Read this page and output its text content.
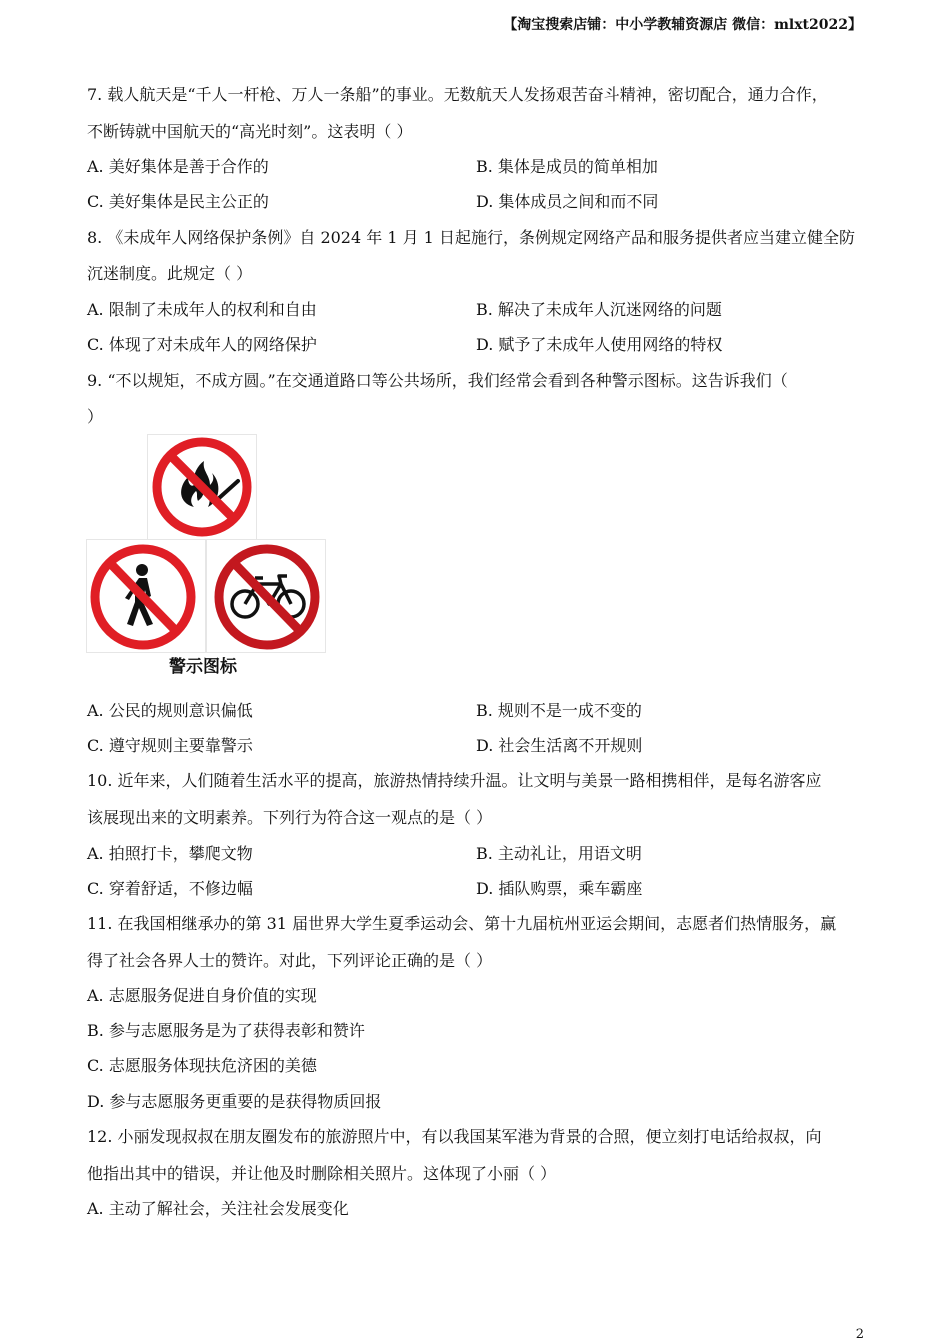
【淘宝搜索店铺：中小学教辅资源店 微信：mlxt2022】
7. 载人航天是“千人一杆枪、万人一条船”的事业。无数航天人发扬艰苦奋斗精神，密切配合，通力合作，
不断铸就中国航天的“高光时刻”。这表明（ ）
A. 美好集体是善于合作的	B. 集体是成员的简单相加
C. 美好集体是民主公正的	D. 集体成员之间和而不同
8. 《未成年人网络保护条例》自 2024 年 1 月 1 日起施行，条例规定网络产品和服务提供者应当建立健全防
沉迷制度。此规定（ ）
A. 限制了未成年人的权利和自由	B. 解决了未成年人沉迷网络的问题
C. 体现了对未成年人的网络保护	D. 赋予了未成年人使用网络的特权
9. “不以规矩，不成方圆。”在交通道路口等公共场所，我们经常会看到各种警示图标。这告诉我们（
）
警示图标
A. 公民的规则意识偏低	B. 规则不是一成不变的
C. 遵守规则主要靠警示	D. 社会生活离不开规则
10. 近年来，人们随着生活水平的提高，旅游热情持续升温。让文明与美景一路相携相伴，是每名游客应
该展现出来的文明素养。下列行为符合这一观点的是（ ）
A. 拍照打卡，攀爬文物	B. 主动礼让，用语文明
C. 穿着舒适，不修边幅	D. 插队购票，乘车霸座
11. 在我国相继承办的第 31 届世界大学生夏季运动会、第十九届杭州亚运会期间，志愿者们热情服务，赢
得了社会各界人士的赞许。对此，下列评论正确的是（ ）
A. 志愿服务促进自身价值的实现
B. 参与志愿服务是为了获得表彰和赞许
C. 志愿服务体现扶危济困的美德
D. 参与志愿服务更重要的是获得物质回报
12. 小丽发现叔叔在朋友圈发布的旅游照片中，有以我国某军港为背景的合照，便立刻打电话给叔叔，向
他指出其中的错误，并让他及时删除相关照片。这体现了小丽（ ）
A. 主动了解社会，关注社会发展变化
2
